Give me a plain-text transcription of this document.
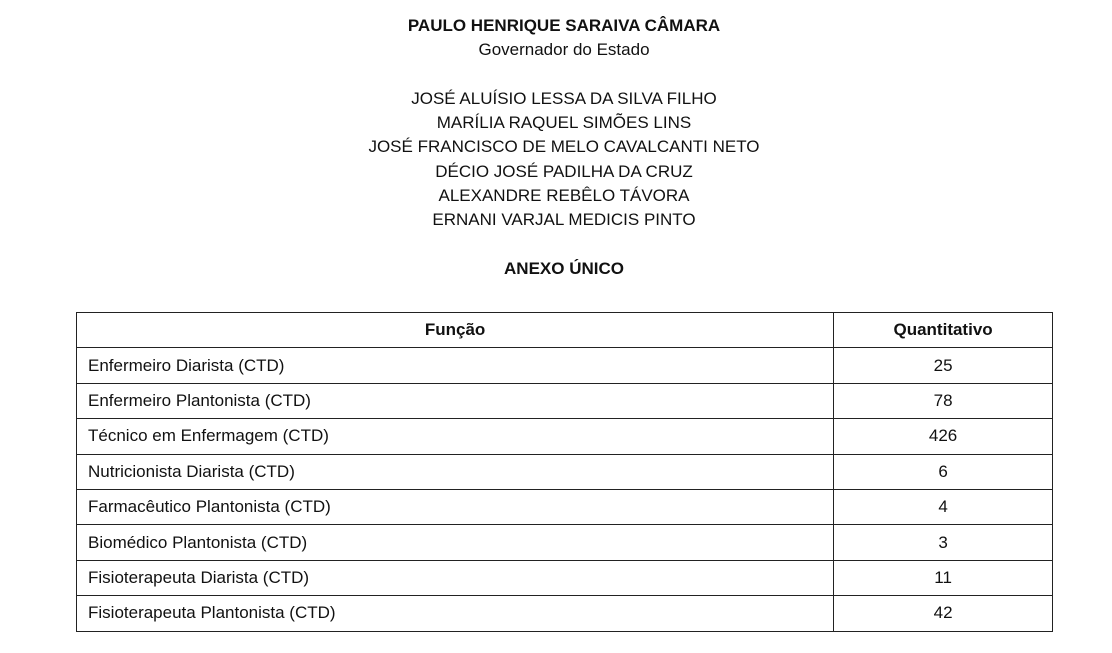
PAULO HENRIQUE SARAIVA CÂMARA

Governador do Estado

JOSÉ ALUÍSIO LESSA DA SILVA FILHO

MARÍLIA RAQUEL SIMÕES LINS

JOSÉ FRANCISCO DE MELO CAVALCANTI NETO

DÉCIO JOSÉ PADILHA DA CRUZ

ALEXANDRE REBÊLO TÁVORA

ERNANI VARJAL MEDICIS PINTO

ANEXO ÚNICO

Função	Quantitativo
Enfermeiro Diarista (CTD)	25
Enfermeiro Plantonista (CTD)	78
Técnico em Enfermagem (CTD)	426
Nutricionista Diarista (CTD)	6
Farmacêutico Plantonista (CTD)	4
Biomédico Plantonista (CTD)	3
Fisioterapeuta Diarista (CTD)	11
Fisioterapeuta Plantonista (CTD)	42
